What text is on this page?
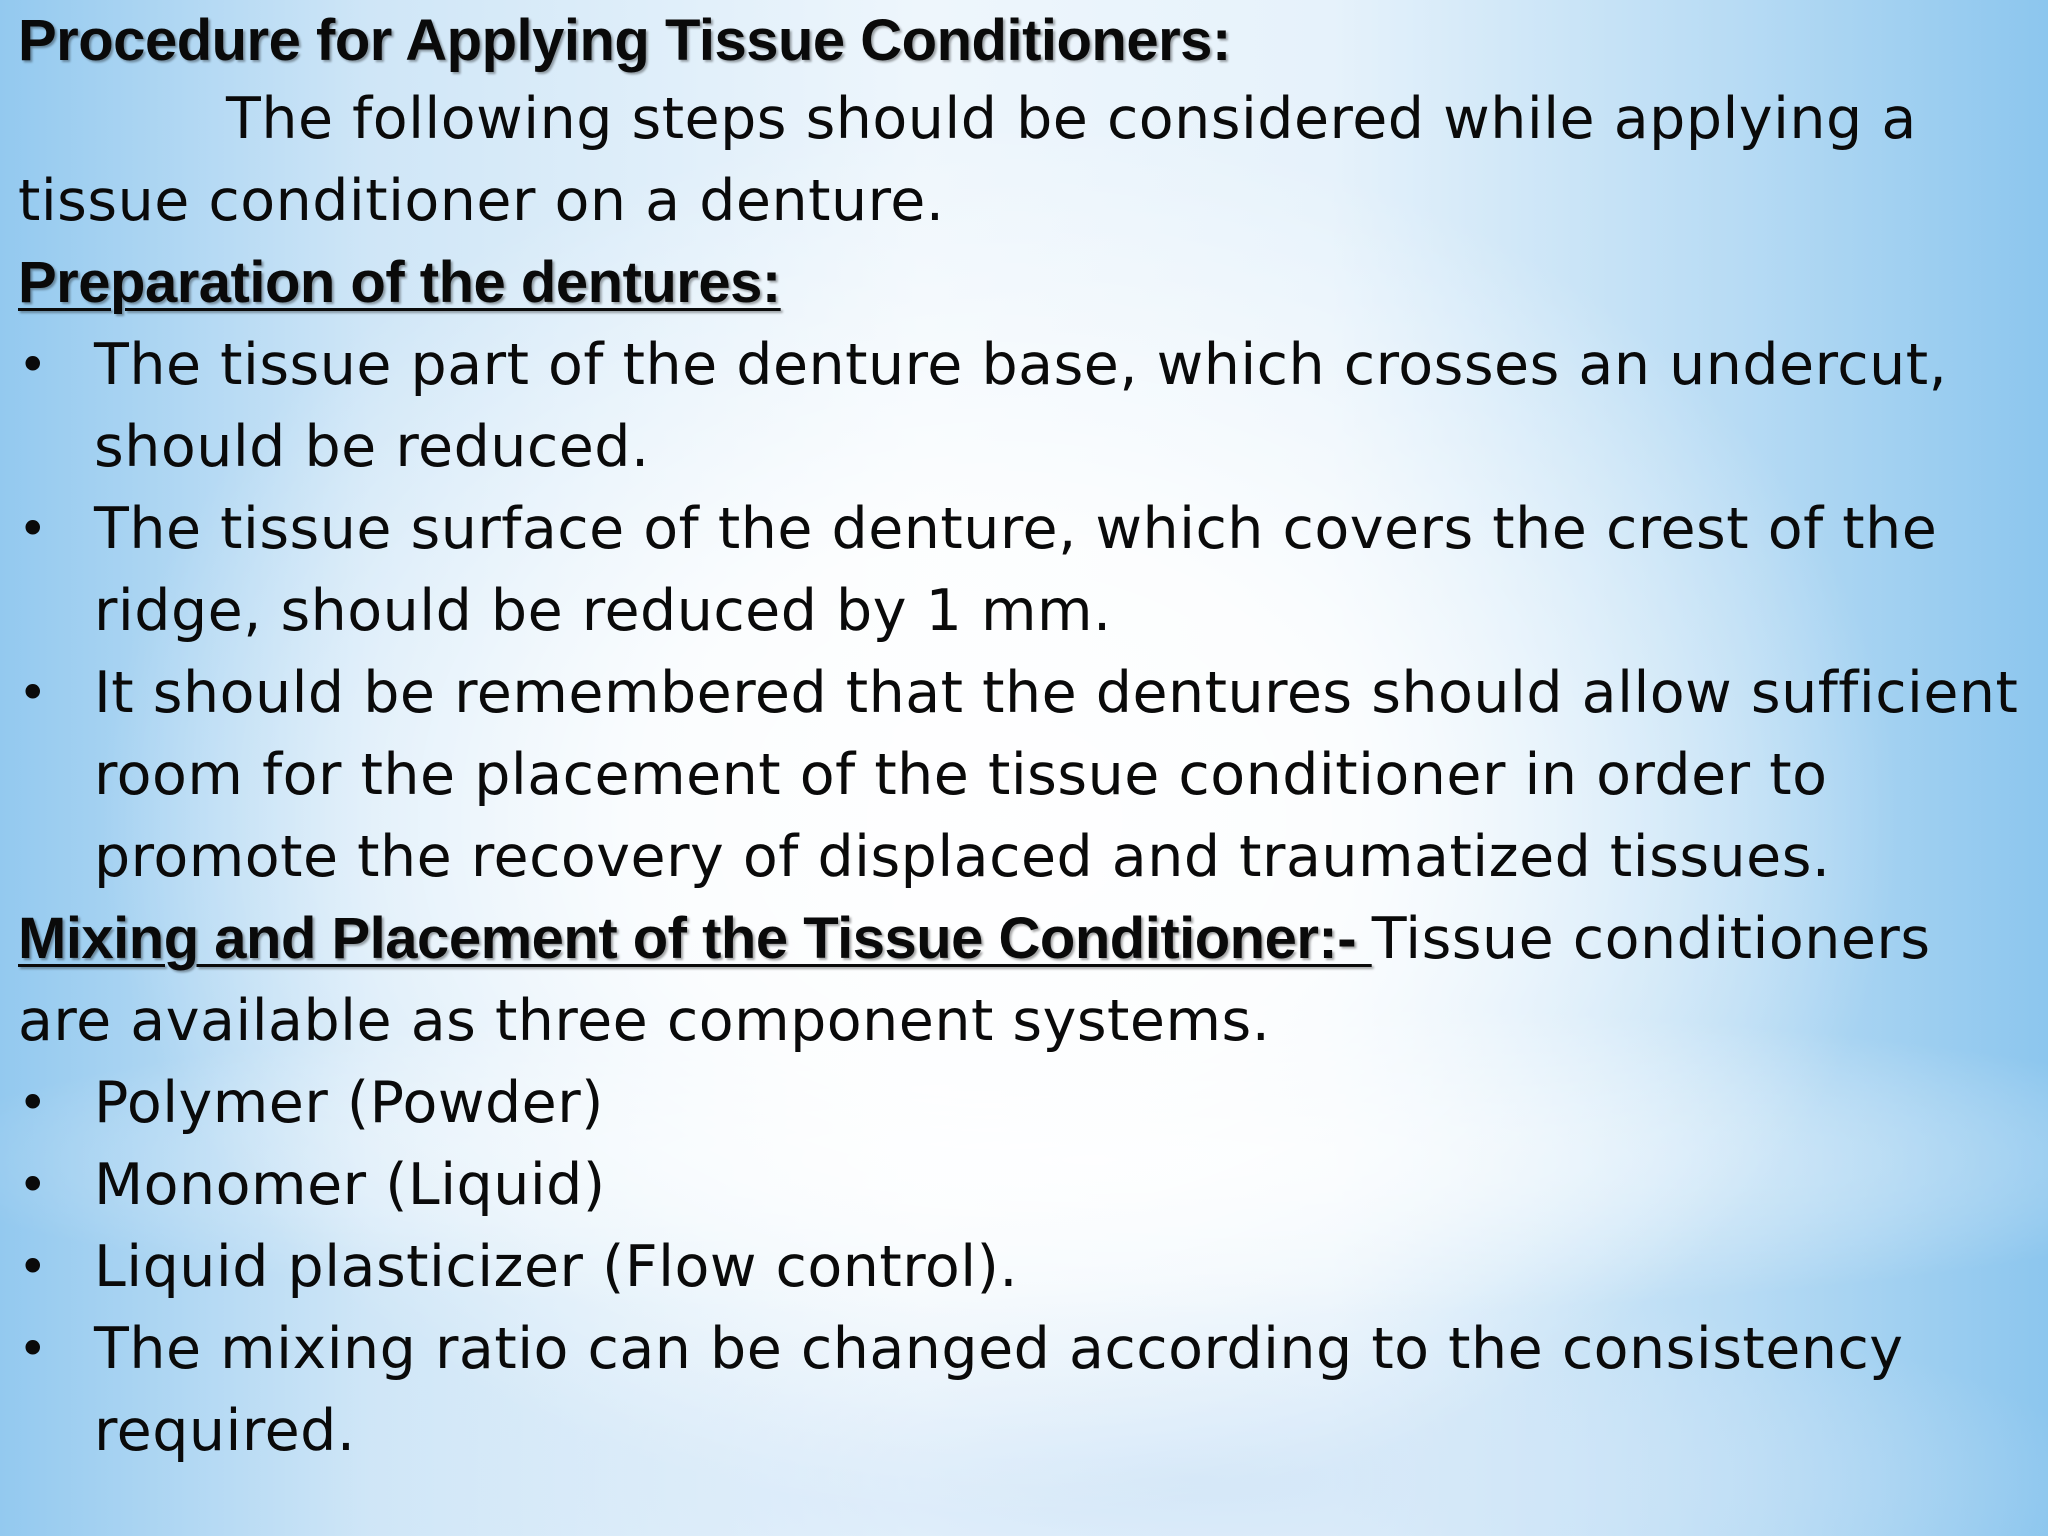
Procedure for Applying Tissue Conditioners:
The following steps should be considered while applying a
tissue conditioner on a denture.
Preparation of the dentures:
• The tissue part of the denture base, which crosses an undercut,
should be reduced.
• The tissue surface of the denture, which covers the crest of the
ridge, should be reduced by 1 mm.
• It should be remembered that the dentures should allow sufficient
room for the placement of the tissue conditioner in order to
promote the recovery of displaced and traumatized tissues.
Mixing and Placement of the Tissue Conditioner:- Tissue conditioners
are available as three component systems.
• Polymer (Powder)
• Monomer (Liquid)
• Liquid plasticizer (Flow control).
• The mixing ratio can be changed according to the consistency
required.
